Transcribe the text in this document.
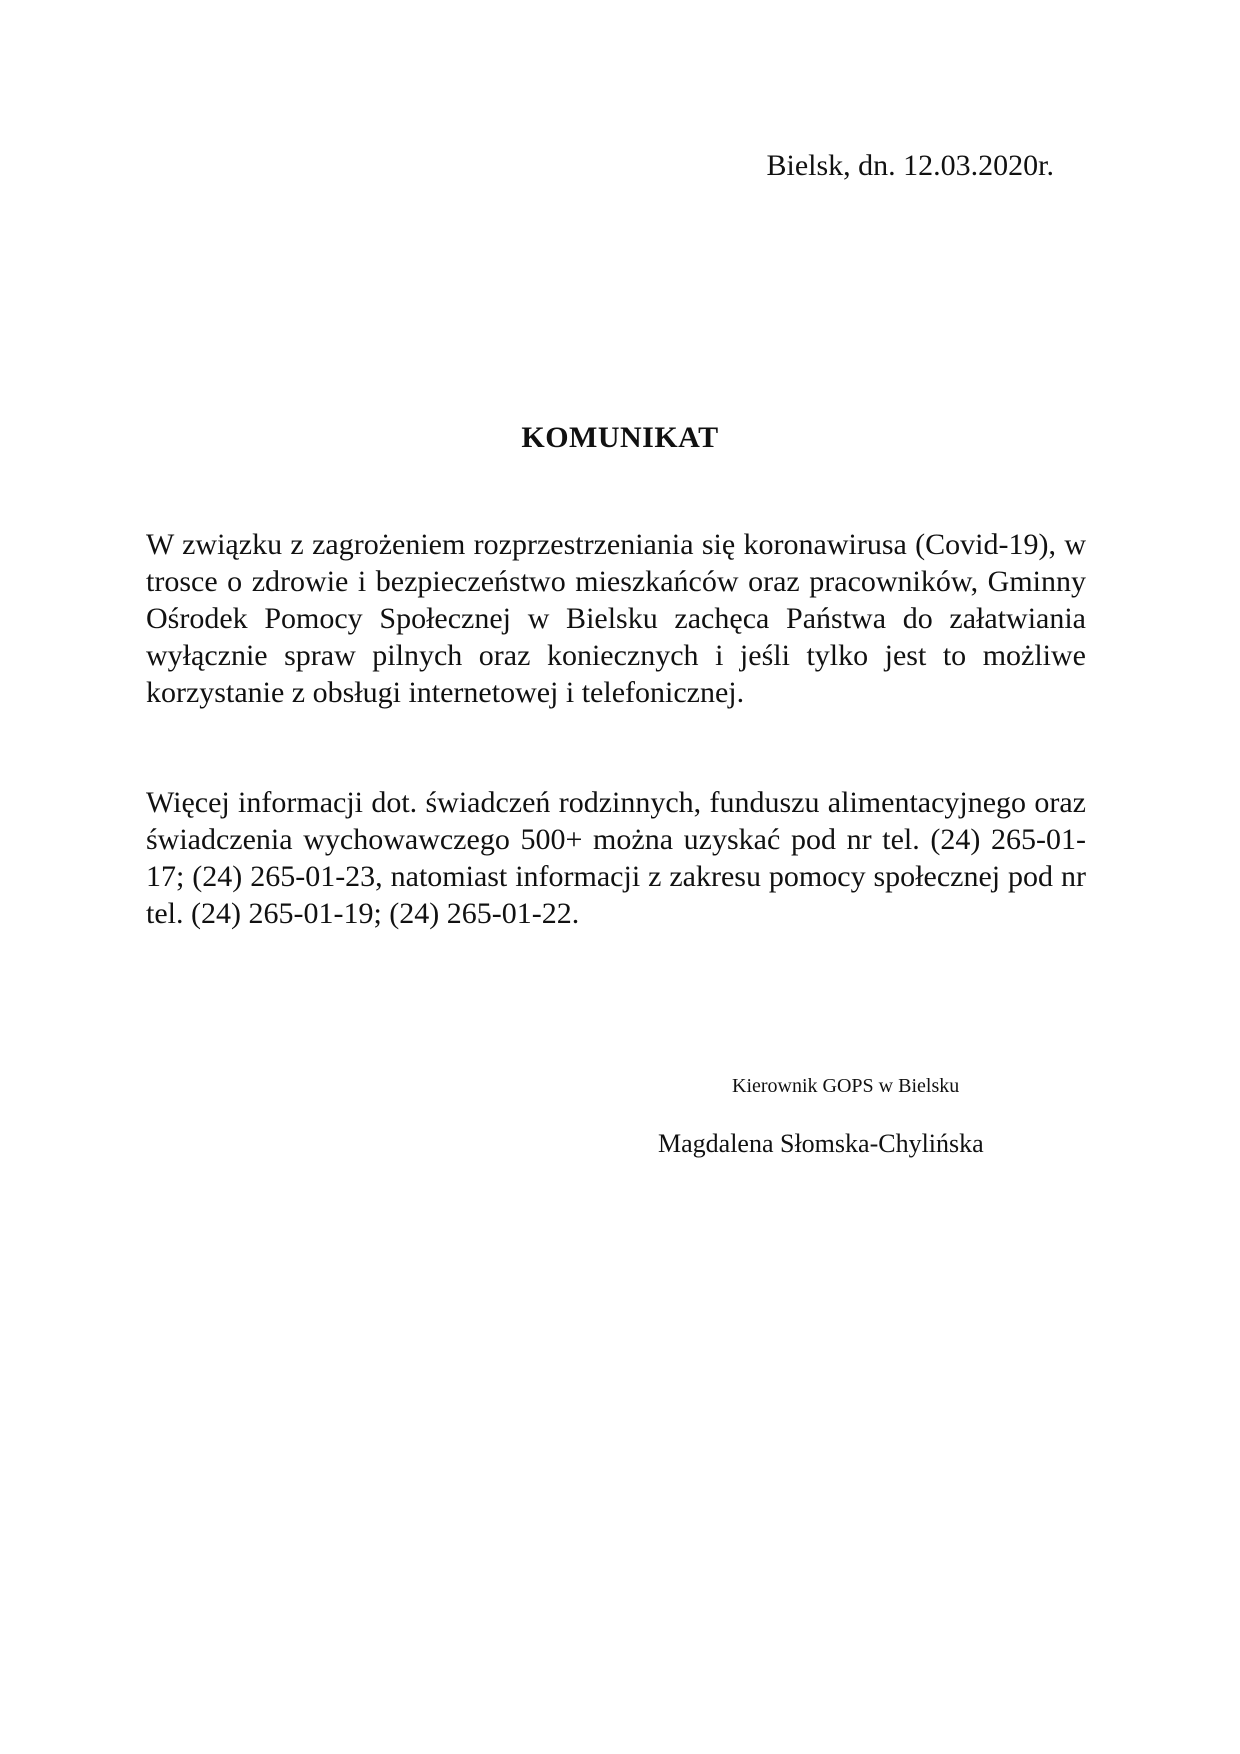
Bielsk, dn. 12.03.2020r.
KOMUNIKAT

W związku z zagrożeniem rozprzestrzeniania się koronawirusa (Covid-19), w trosce o zdrowie i bezpieczeństwo mieszkańców oraz pracowników, Gminny Ośrodek Pomocy Społecznej w Bielsku zachęca Państwa do załatwiania wyłącznie spraw pilnych oraz koniecznych i jeśli tylko jest to możliwe korzystanie z obsługi internetowej i telefonicznej.

Więcej informacji dot. świadczeń rodzinnych, funduszu alimentacyjnego oraz świadczenia wychowawczego 500+ można uzyskać pod nr tel. (24) 265-01-17; (24) 265-01-23, natomiast informacji z zakresu pomocy społecznej pod nr tel. (24) 265-01-19; (24) 265-01-22.

Kierownik GOPS w Bielsku
Magdalena Słomska-Chylińska
